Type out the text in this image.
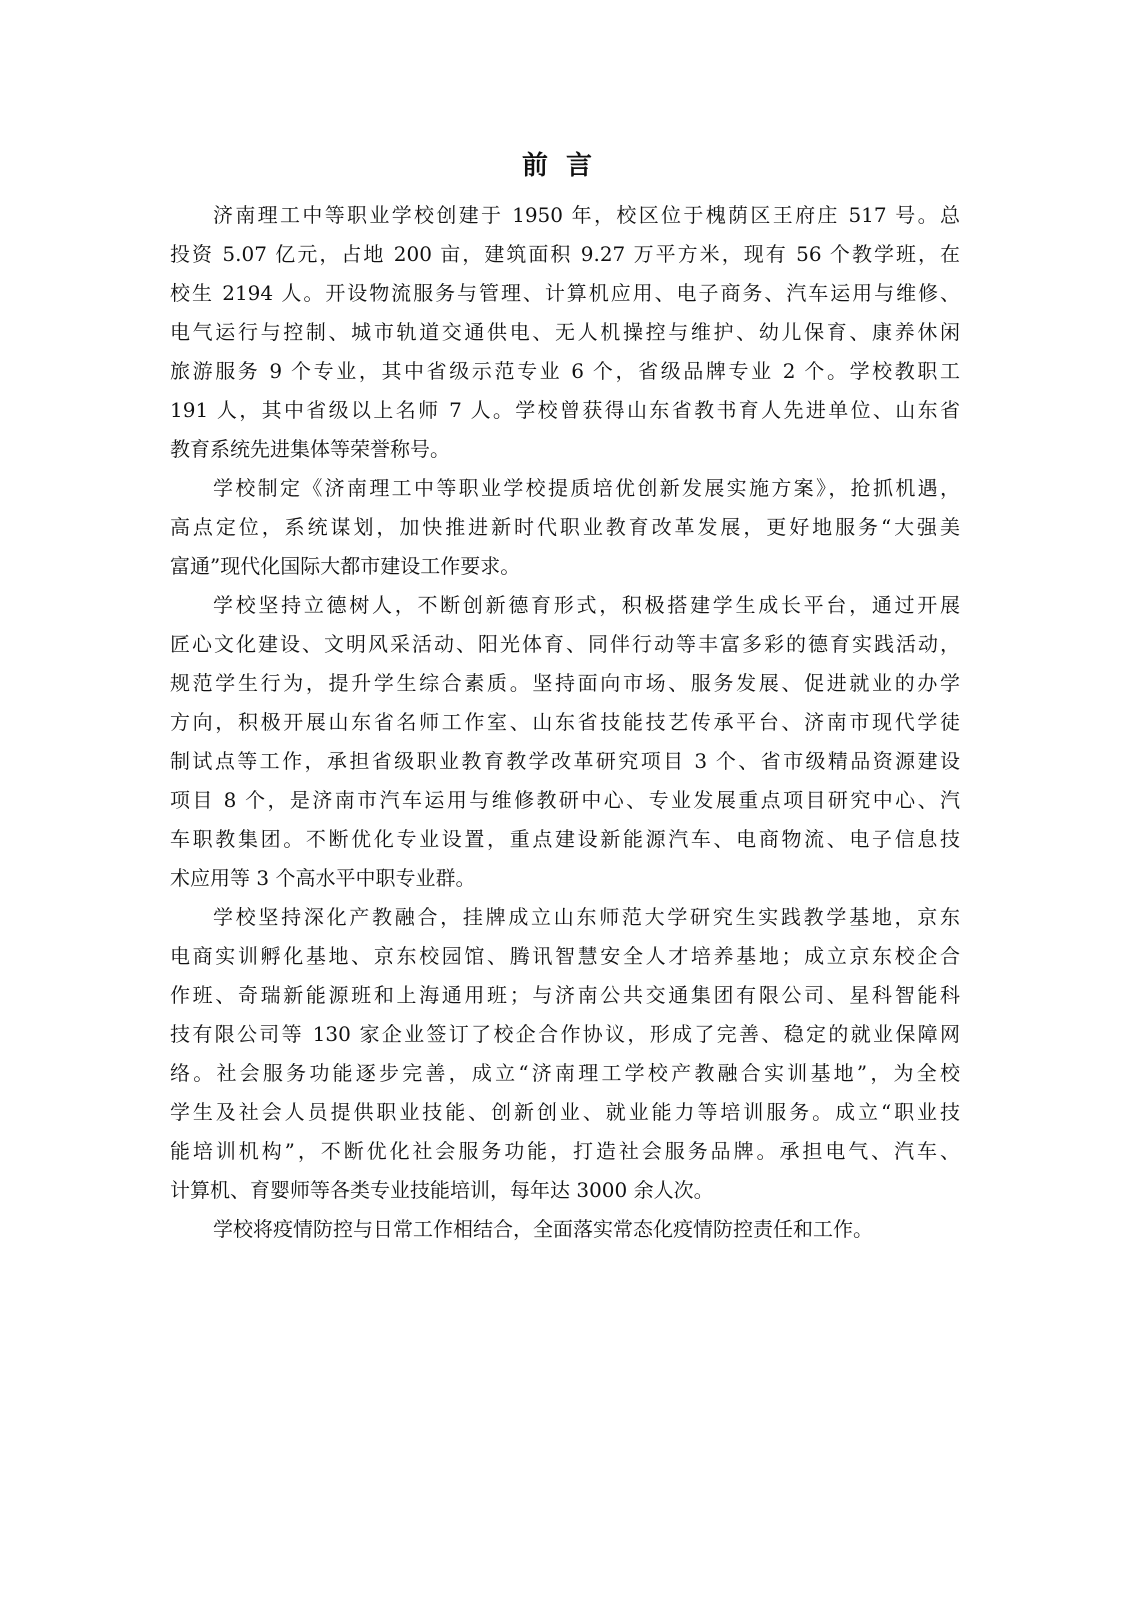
前言
济南理工中等职业学校创建于 1950 年，校区位于槐荫区王府庄 517 号。总
投资 5.07 亿元，占地 200 亩，建筑面积 9.27 万平方米，现有 56 个教学班，在
校生 2194 人。开设物流服务与管理、计算机应用、电子商务、汽车运用与维修、
电气运行与控制、城市轨道交通供电、无人机操控与维护、幼儿保育、康养休闲
旅游服务 9 个专业，其中省级示范专业 6 个，省级品牌专业 2 个。学校教职工
191 人，其中省级以上名师 7 人。学校曾获得山东省教书育人先进单位、山东省
教育系统先进集体等荣誉称号。
学校制定《济南理工中等职业学校提质培优创新发展实施方案》，抢抓机遇，
高点定位，系统谋划，加快推进新时代职业教育改革发展，更好地服务“大强美
富通”现代化国际大都市建设工作要求。
学校坚持立德树人，不断创新德育形式，积极搭建学生成长平台，通过开展
匠心文化建设、文明风采活动、阳光体育、同伴行动等丰富多彩的德育实践活动，
规范学生行为，提升学生综合素质。坚持面向市场、服务发展、促进就业的办学
方向，积极开展山东省名师工作室、山东省技能技艺传承平台、济南市现代学徒
制试点等工作，承担省级职业教育教学改革研究项目 3 个、省市级精品资源建设
项目 8 个，是济南市汽车运用与维修教研中心、专业发展重点项目研究中心、汽
车职教集团。不断优化专业设置，重点建设新能源汽车、电商物流、电子信息技
术应用等 3 个高水平中职专业群。
学校坚持深化产教融合，挂牌成立山东师范大学研究生实践教学基地，京东
电商实训孵化基地、京东校园馆、腾讯智慧安全人才培养基地；成立京东校企合
作班、奇瑞新能源班和上海通用班；与济南公共交通集团有限公司、星科智能科
技有限公司等 130 家企业签订了校企合作协议，形成了完善、稳定的就业保障网
络。社会服务功能逐步完善，成立“济南理工学校产教融合实训基地”，为全校
学生及社会人员提供职业技能、创新创业、就业能力等培训服务。成立“职业技
能培训机构”，不断优化社会服务功能，打造社会服务品牌。承担电气、汽车、
计算机、育婴师等各类专业技能培训，每年达 3000 余人次。
学校将疫情防控与日常工作相结合，全面落实常态化疫情防控责任和工作。
